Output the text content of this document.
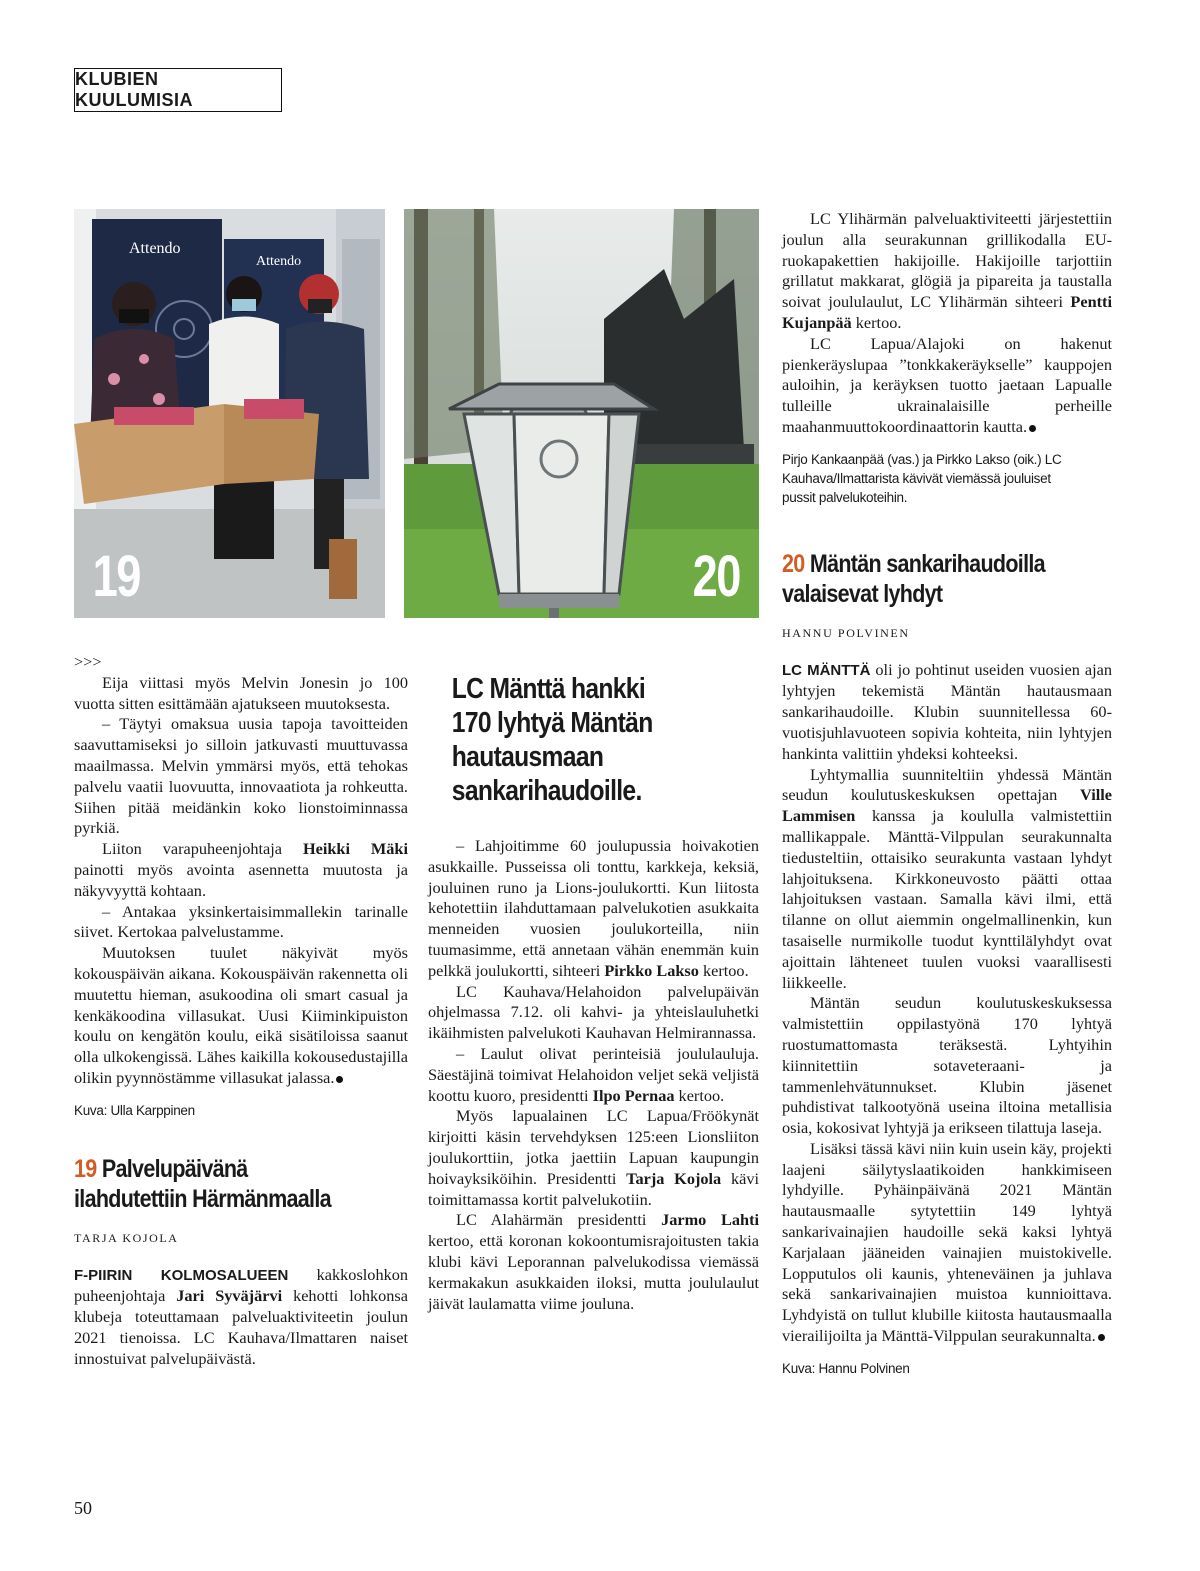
KLUBIEN KUULUMISIA
Attendo
Attendo
19	20

>>>

Eija viittasi myös Melvin Jonesin jo 100 vuotta sitten esittämään ajatukseen muutoksesta.

– Täytyi omaksua uusia tapoja tavoitteiden saavuttamiseksi jo silloin jatkuvasti muuttuvassa maailmassa. Melvin ymmärsi myös, että tehokas palvelu vaatii luovuutta, innovaatiota ja rohkeutta. Siihen pitää meidänkin koko lionstoiminnassa pyrkiä.

Liiton varapuheenjohtaja Heikki Mäki painotti myös avointa asennetta muutosta ja näkyvyyttä kohtaan.

– Antakaa yksinkertaisimmallekin tarinalle siivet. Kertokaa palvelustamme.

Muutoksen tuulet näkyivät myös kokouspäivän aikana. Kokouspäivän rakennetta oli muutettu hieman, asukoodina oli smart casual ja kenkäkoodina villasukat. Uusi Kiiminkipuiston koulu on kengätön koulu, eikä sisätiloissa saanut olla ulkokengissä. Lähes kaikilla kokousedustajilla olikin pyynnöstämme villasukat jalassa.

Kuva: Ulla Karppinen
19 Palvelupäivänä
ilahdutettiin Härmänmaalla
TARJA KOJOLA

F-PIIRIN KOLMOSALUEEN kakkoslohkon puheenjohtaja Jari Syväjärvi kehotti lohkonsa klubeja toteuttamaan palveluaktiviteetin joulun 2021 tienoissa. LC Kauhava/Ilmattaren naiset innostuivat palvelupäivästä.

LC Mänttä hankki
170 lyhtyä Mäntän
hautausmaan
sankarihaudoille.

– Lahjoitimme 60 joulupussia hoivakotien asukkaille. Pusseissa oli tonttu, karkkeja, keksiä, jouluinen runo ja Lions-joulukortti. Kun liitosta kehotettiin ilahduttamaan palvelukotien asukkaita menneiden vuosien joulukorteilla, niin tuumasimme, että annetaan vähän enemmän kuin pelkkä joulukortti, sihteeri Pirkko Lakso kertoo.

LC Kauhava/Helahoidon palvelupäivän ohjelmassa 7.12. oli kahvi- ja yhteislauluhetki ikäihmisten palvelukoti Kauhavan Helmirannassa.

– Laulut olivat perinteisiä joululauluja. Säestäjinä toimivat Helahoidon veljet sekä veljistä koottu kuoro, presidentti Ilpo Pernaa kertoo.

Myös lapualainen LC Lapua/Fröökynät kirjoitti käsin tervehdyksen 125:een Lionsliiton joulukorttiin, jotka jaettiin Lapuan kaupungin hoivayksiköihin. Presidentti Tarja Kojola kävi toimittamassa kortit palvelukotiin.

LC Alahärmän presidentti Jarmo Lahti kertoo, että koronan kokoontumisrajoitusten takia klubi kävi Leporannan palvelukodissa viemässä kermakakun asukkaiden iloksi, mutta joululaulut jäivät laulamatta viime jouluna.

LC Ylihärmän palveluaktiviteetti järjestettiin joulun alla seurakunnan grillikodalla EU-ruokapakettien hakijoille. Hakijoille tarjottiin grillatut makkarat, glögiä ja pipareita ja taustalla soivat joululaulut, LC Ylihärmän sihteeri Pentti Kujanpää kertoo.

LC Lapua/Alajoki on hakenut pienkeräyslupaa ”tonkkakeräykselle” kauppojen auloihin, ja keräyksen tuotto jaetaan Lapualle tulleille ukrainalaisille perheille maahanmuuttokoordinaattorin kautta.

Pirjo Kankaanpää (vas.) ja Pirkko Lakso (oik.) LC Kauhava/Ilmattarista kävivät viemässä jouluiset pussit palvelukoteihin.
20 Mäntän sankarihaudoilla
valaisevat lyhdyt
HANNU POLVINEN

LC MÄNTTÄ oli jo pohtinut useiden vuosien ajan lyhtyjen tekemistä Mäntän hautausmaan sankarihaudoille. Klubin suunnitellessa 60-vuotisjuhlavuoteen sopivia kohteita, niin lyhtyjen hankinta valittiin yhdeksi kohteeksi.

Lyhtymallia suunniteltiin yhdessä Mäntän seudun koulutuskeskuksen opettajan Ville Lammisen kanssa ja koululla valmistettiin mallikappale. Mänttä-Vilppulan seurakunnalta tiedusteltiin, ottaisiko seurakunta vastaan lyhdyt lahjoituksena. Kirkkoneuvosto päätti ottaa lahjoituksen vastaan. Samalla kävi ilmi, että tilanne on ollut aiemmin ongelmallinenkin, kun tasaiselle nurmikolle tuodut kynttilälyhdyt ovat ajoittain lähteneet tuulen vuoksi vaarallisesti liikkeelle.

Mäntän seudun koulutuskeskuksessa valmistettiin oppilastyönä 170 lyhtyä ruostumattomasta teräksestä. Lyhtyihin kiinnitettiin sotaveteraani- ja tammenlehvätunnukset. Klubin jäsenet puhdistivat talkootyönä useina iltoina metallisia osia, kokosivat lyhtyjä ja erikseen tilattuja laseja.

Lisäksi tässä kävi niin kuin usein käy, projekti laajeni säilytyslaatikoiden hankkimiseen lyhdyille. Pyhäinpäivänä 2021 Mäntän hautausmaalle sytytettiin 149 lyhtyä sankarivainajien haudoille sekä kaksi lyhtyä Karjalaan jääneiden vainajien muistokivelle. Lopputulos oli kaunis, yhteneväinen ja juhlava sekä sankarivainajien muistoa kunnioittava. Lyhdyistä on tullut klubille kiitosta hautausmaalla vierailijoilta ja Mänttä-Vilppulan seurakunnalta.

Kuva: Hannu Polvinen
50
